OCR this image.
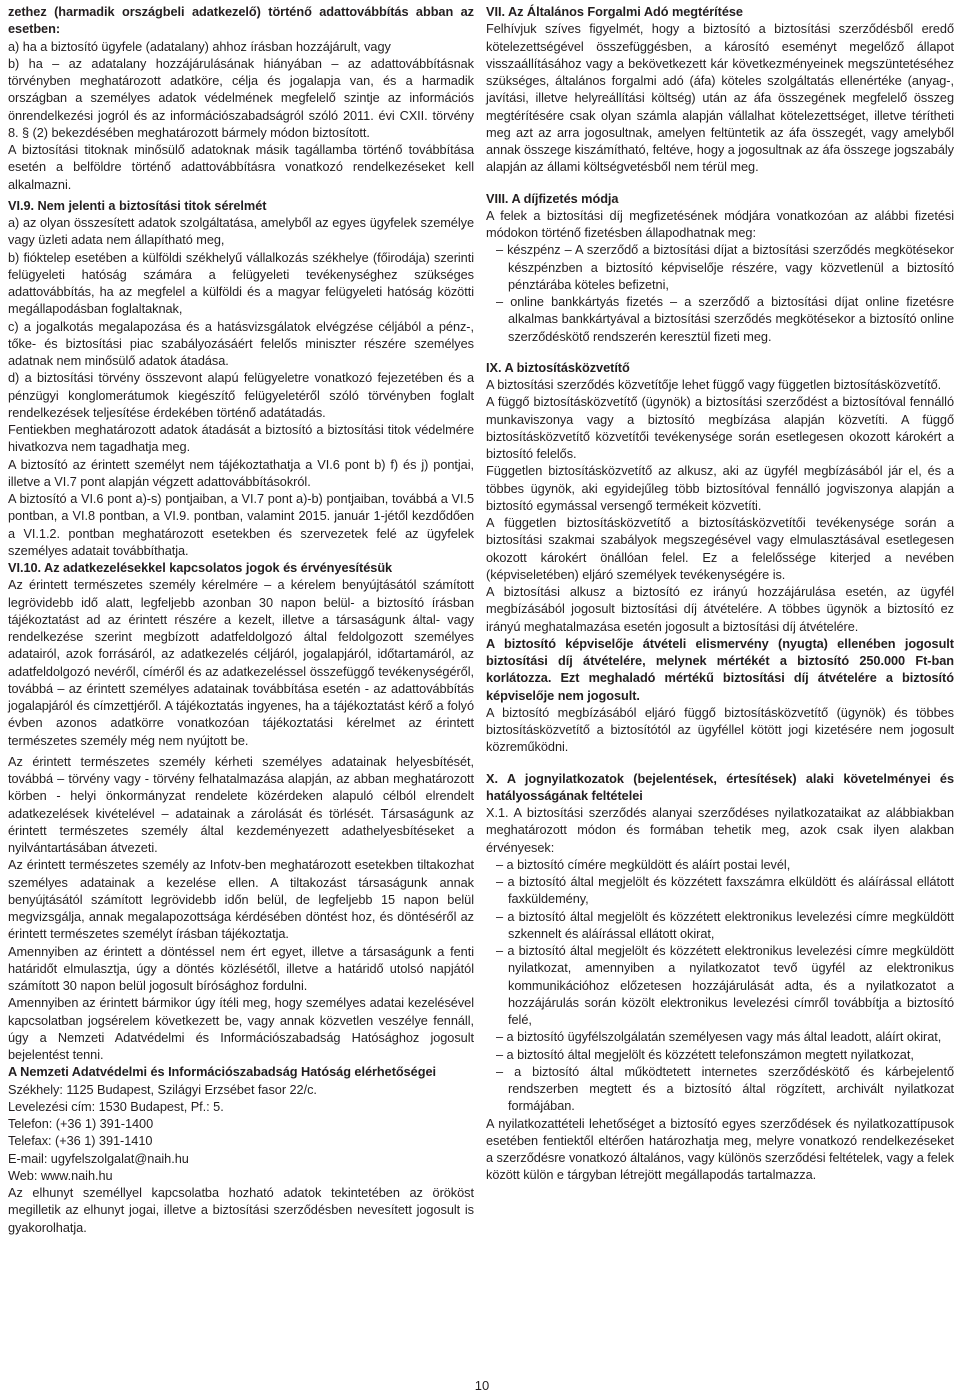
zethez (harmadik országbeli adatkezelő) történő adattovábbítás abban az esetben:

a) ha a biztosító ügyfele (adatalany) ahhoz írásban hozzájárult, vagy

b) ha – az adatalany hozzájárulásának hiányában – az adattovábbításnak törvényben meghatározott adatköre, célja és jogalapja van, és a harmadik országban a személyes adatok védelmének megfelelő szintje az információs önrendelkezési jogról és az információszabadságról szóló 2011. évi CXII. törvény 8. § (2) bekezdésében meghatározott bármely módon biztosított.

A biztosítási titoknak minősülő adatoknak másik tagállamba történő továbbítása esetén a belföldre történő adattovábbításra vonatkozó rendelkezéseket kell alkalmazni.

VI.9. Nem jelenti a biztosítási titok sérelmét

a) az olyan összesített adatok szolgáltatása, amelyből az egyes ügyfelek személye vagy üzleti adata nem állapítható meg,

b) fióktelep esetében a külföldi székhelyű vállalkozás székhelye (főirodája) szerinti felügyeleti hatóság számára a felügyeleti tevékenységhez szükséges adattovábbítás, ha az megfelel a külföldi és a magyar felügyeleti hatóság közötti megállapodásban foglaltaknak,

c) a jogalkotás megalapozása és a hatásvizsgálatok elvégzése céljából a pénz-, tőke- és biztosítási piac szabályozásáért felelős miniszter részére személyes adatnak nem minősülő adatok átadása.

d) a biztosítási törvény összevont alapú felügyeletre vonatkozó fejezetében és a pénzügyi konglomerátumok kiegészítő felügyeletéről szóló törvényben foglalt rendelkezések teljesítése érdekében történő adatátadás.

Fentiekben meghatározott adatok átadását a biztosító a biztosítási titok védelmére hivatkozva nem tagadhatja meg.

A biztosító az érintett személyt nem tájékoztathatja a VI.6 pont b) f) és j) pontjai, illetve a VI.7 pont alapján végzett adattovábbításokról.

A biztosító a VI.6 pont a)-s) pontjaiban, a VI.7 pont a)-b) pontjaiban, továbbá a VI.5 pontban, a VI.8 pontban, a VI.9. pontban, valamint 2015. január 1-jétől kezdődően a VI.1.2. pontban meghatározott esetekben és szervezetek felé az ügyfelek személyes adatait továbbíthatja.

VI.10. Az adatkezelésekkel kapcsolatos jogok és érvényesítésük

Az érintett természetes személy kérelmére – a kérelem benyújtásától számított legrövidebb idő alatt, legfeljebb azonban 30 napon belül- a biztosító írásban tájékoztatást ad az érintett részére a kezelt, illetve a társaságunk által- vagy rendelkezése szerint megbízott adatfeldolgozó által feldolgozott személyes adatairól, azok forrásáról, az adatkezelés céljáról, jogalapjáról, időtartamáról, az adatfeldolgozó nevéről, címéről és az adatkezeléssel összefüggő tevékenységéről, továbbá – az érintett személyes adatainak továbbítása esetén - az adattovábbítás jogalapjáról és címzettjéről. A tájékoztatás ingyenes, ha a tájékoztatást kérő a folyó évben azonos adatkörre vonatkozóan tájékoztatási kérelmet az érintett természetes személy még nem nyújtott be.

Az érintett természetes személy kérheti személyes adatainak helyesbítését, továbbá – törvény vagy - törvény felhatalmazása alapján, az abban meghatározott körben - helyi önkormányzat rendelete közérdeken alapuló célból elrendelt adatkezelések kivételével – adatainak a zárolását és törlését. Társaságunk az érintett természetes személy által kezdeményezett adathelyesbítéseket a nyilvántartásában átvezeti.

Az érintett természetes személy az Infotv-ben meghatározott esetekben tiltakozhat személyes adatainak a kezelése ellen. A tiltakozást társaságunk annak benyújtásától számított legrövidebb időn belül, de legfeljebb 15 napon belül megvizsgálja, annak megalapozottsága kérdésében döntést hoz, és döntéséről az érintett természetes személyt írásban tájékoztatja.

Amennyiben az érintett a döntéssel nem ért egyet, illetve a társaságunk a fenti határidőt elmulasztja, úgy a döntés közlésétől, illetve a határidő utolsó napjától számított 30 napon belül jogosult bírósághoz fordulni.

Amennyiben az érintett bármikor úgy ítéli meg, hogy személyes adatai kezelésével kapcsolatban jogsérelem következett be, vagy annak közvetlen veszélye fennáll, úgy a Nemzeti Adatvédelmi és Információszabadság Hatósághoz jogosult bejelentést tenni.

A Nemzeti Adatvédelmi és Információszabadság Hatóság elérhetőségei

Székhely: 1125 Budapest, Szilágyi Erzsébet fasor 22/c.

Levelezési cím: 1530 Budapest, Pf.: 5.

Telefon: (+36 1) 391-1400

Telefax: (+36 1) 391-1410

E-mail: ugyfelszolgalat@naih.hu

Web: www.naih.hu

Az elhunyt személlyel kapcsolatba hozható adatok tekintetében az örököst megilletik az elhunyt jogai, illetve a biztosítási szerződésben nevesített jogosult is gyakorolhatja.

VII. Az Általános Forgalmi Adó megtérítése

Felhívjuk szíves figyelmét, hogy a biztosító a biztosítási szerződésből eredő kötelezettségével összefüggésben, a károsító eseményt megelőző állapot visszaállításához vagy a bekövetkezett kár következményeinek megszüntetéséhez szükséges, általános forgalmi adó (áfa) köteles szolgáltatás ellenértéke (anyag-, javítási, illetve helyreállítási költség) után az áfa összegének megfelelő összeg megtérítésére csak olyan számla alapján vállalhat kötelezettséget, illetve térítheti meg azt az arra jogosultnak, amelyen feltüntetik az áfa összegét, vagy amelyből annak összege kiszámítható, feltéve, hogy a jogosultnak az áfa összege jogszabály alapján az állami költségvetésből nem térül meg.

VIII. A díjfizetés módja

A felek a biztosítási díj megfizetésének módjára vonatkozóan az alábbi fizetési módokon történő fizetésben állapodhatnak meg:

– készpénz – A szerződő a biztosítási díjat a biztosítási szerződés megkötésekor készpénzben a biztosító képviselője részére, vagy közvetlenül a biztosító pénztárába köteles befizetni,

– online bankkártyás fizetés – a szerződő a biztosítási díjat online fizetésre alkalmas bankkártyával a biztosítási szerződés megkötésekor a biztosító online szerződéskötő rendszerén keresztül fizeti meg.

IX. A biztosításközvetítő

A biztosítási szerződés közvetítője lehet függő vagy független biztosításközvetítő.

A függő biztosításközvetítő (ügynök) a biztosítási szerződést a biztosítóval fennálló munkaviszonya vagy a biztosító megbízása alapján közvetíti. A függő biztosításközvetítő közvetítői tevékenysége során esetlegesen okozott károkért a biztosító felelős.

Független biztosításközvetítő az alkusz, aki az ügyfél megbízásából jár el, és a többes ügynök, aki egyidejűleg több biztosítóval fennálló jogviszonya alapján a biztosító egymással versengő termékeit közvetíti.

A független biztosításközvetítő a biztosításközvetítői tevékenysége során a biztosítási szakmai szabályok megszegésével vagy elmulasztásával esetlegesen okozott károkért önállóan felel. Ez a felelőssége kiterjed a nevében (képviseletében) eljáró személyek tevékenységére is.

A biztosítási alkusz a biztosító ez irányú hozzájárulása esetén, az ügyfél megbízásából jogosult biztosítási díj átvételére. A többes ügynök a biztosító ez irányú meghatalmazása esetén jogosult a biztosítási díj átvételére.

A biztosító képviselője átvételi elismervény (nyugta) ellenében jogosult biztosítási díj átvételére, melynek mértékét a biztosító 250.000 Ft-ban korlátozza. Ezt meghaladó mértékű biztosítási díj átvételére a biztosító képviselője nem jogosult.

A biztosító megbízásából eljáró függő biztosításközvetítő (ügynök) és többes biztosításközvetítő a biztosítótól az ügyféllel kötött jogi kizetésére nem jogosult közreműködni.

X. A jognyilatkozatok (bejelentések, értesítések) alaki követelményei és hatályosságának feltételei

X.1. A biztosítási szerződés alanyai szerződéses nyilatkozataikat az alábbiakban meghatározott módon és formában tehetik meg, azok csak ilyen alakban érvényesek:

– a biztosító címére megküldött és aláírt postai levél,

– a biztosító által megjelölt és közzétett faxszámra elküldött és aláírással ellátott faxküldemény,

– a biztosító által megjelölt és közzétett elektronikus levelezési címre megküldött szkennelt és aláírással ellátott okirat,

– a biztosító által megjelölt és közzétett elektronikus levelezési címre megküldött nyilatkozat, amennyiben a nyilatkozatot tevő ügyfél az elektronikus kommunikációhoz előzetesen hozzájárulását adta, és a nyilatkozatot a hozzájárulás során közölt elektronikus levelezési címről továbbítja a biztosító felé,

– a biztosító ügyfélszolgálatán személyesen vagy más által leadott, aláírt okirat,

– a biztosító által megjelölt és közzétett telefonszámon megtett nyilatkozat,

– a biztosító által működtetett internetes szerződéskötő és kárbejelentő rendszerben megtett és a biztosító által rögzített, archivált nyilatkozat formájában.

A nyilatkozattételi lehetőséget a biztosító egyes szerződések és nyilatkozattípusok esetében fentiektől eltérően határozhatja meg, melyre vonatkozó rendelkezéseket a szerződésre vonatkozó általános, vagy különös szerződési feltételek, vagy a felek között külön e tárgyban létrejött megállapodás tartalmazza.

10
